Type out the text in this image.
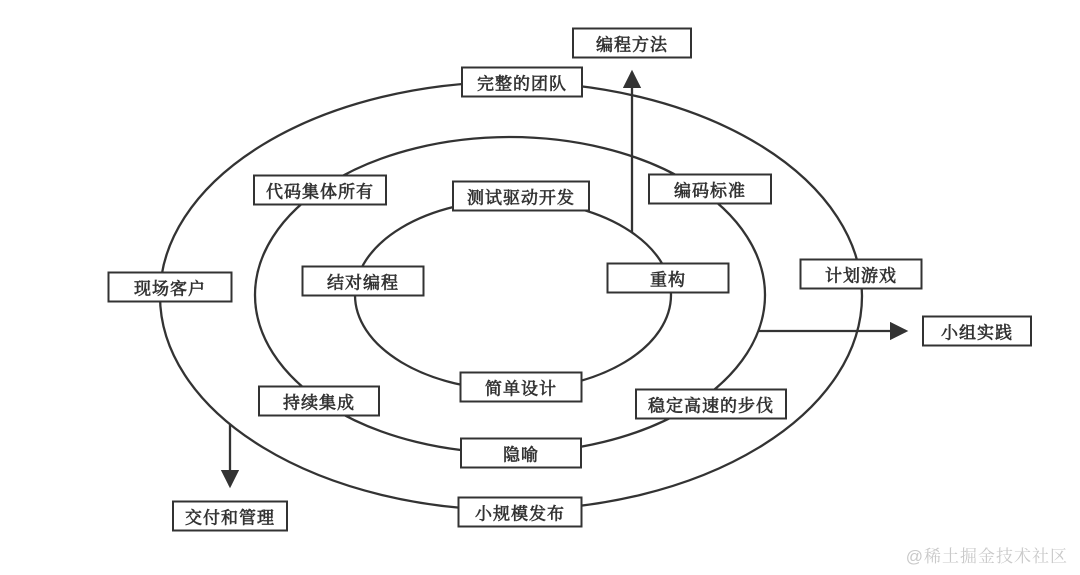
编程方法
完整的团队
代码集体所有	测试驱动开发	编码标准
现场客户	结对编程	重构	计划游戏
小组实践
持续集成
简单设计
稳定高速的步伐
隐喻
小规模发布
交付和管理
@稀土掘金技术社区
